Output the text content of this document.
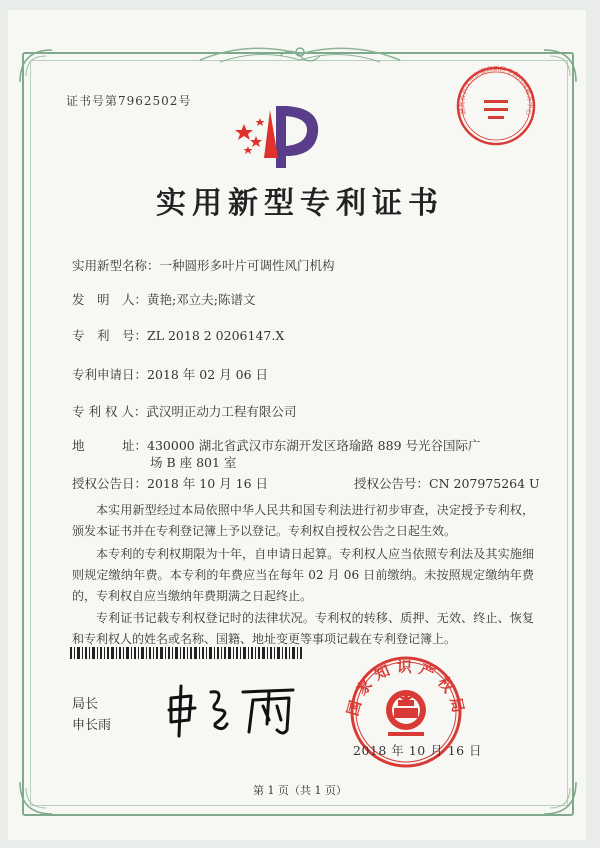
证书号第7962502号
实用新型专利证书
实用新型名称：一种圆形多叶片可调性风门机构
发　明　人：黄艳;邓立夫;陈谱文
专　利　号：ZL 2018 2 0206147.X
专利申请日：2018 年 02 月 06 日
专 利 权 人：武汉明正动力工程有限公司
地　　　址：430000 湖北省武汉市东湖开发区珞瑜路 889 号光谷国际广
场 B 座 801 室
授权公告日：2018 年 10 月 16 日	授权公告号：CN 207975264 U
本实用新型经过本局依照中华人民共和国专利法进行初步审查，决定授予专利权，颁发本证书并在专利登记簿上予以登记。专利权自授权公告之日起生效。
本专利的专利权期限为十年，自申请日起算。专利权人应当依照专利法及其实施细则规定缴纳年费。本专利的年费应当在每年 02 月 06 日前缴纳。未按照规定缴纳年费的，专利权自应当缴纳年费期满之日起终止。
专利证书记载专利权登记时的法律状况。专利权的转移、质押、无效、终止、恢复和专利权人的姓名或名称、国籍、地址变更等事项记载在专利登记簿上。
局长
申长雨
国家知识产权局
2018 年 10 月 16 日
湖北省武汉市东湖高新区专利代理服务中心
第 1 页（共 1 页）
